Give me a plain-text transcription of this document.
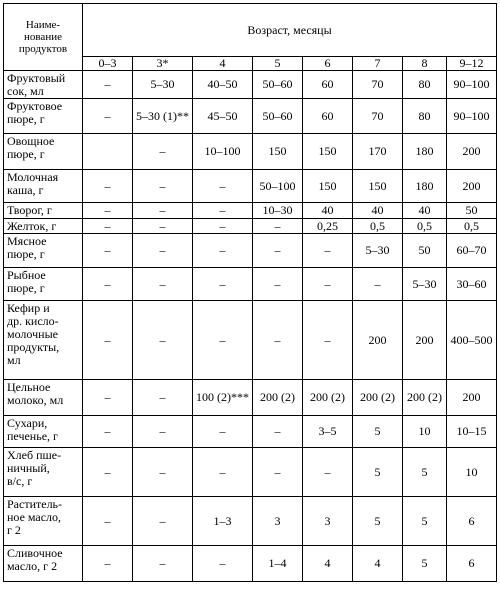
Наиме-
нование
продуктов	Возраст, месяцы							
	0–3	3*	4	5	6	7	8	9–12
Фруктовый
сок, мл	–	5–30	40–50	50–60	60	70	80	90–100
Фруктовое
пюре, г	–	5–30 (1)**	45–50	50–60	60	70	80	90–100
Овощное
пюре, г		–	10–100	150	150	170	180	200
Молочная
каша, г	–	–	–	50–100	150	150	180	200
Творог, г	–	–	–	10–30	40	40	40	50
Желток, г	–	–	–	–	0,25	0,5	0,5	0,5
Мясное
пюре, г	–	–	–	–	–	5–30	50	60–70
Рыбное
пюре, г	–	–	–	–	–	–	5–30	30–60
Кефир и
др. кисло-
молочные
продукты,
мл	–	–	–	–	–	200	200	400–500
Цельное
молоко, мл	–	–	100 (2)***	200 (2)	200 (2)	200 (2)	200 (2)	200
Сухари,
печенье, г	–	–	–	–	3–5	5	10	10–15
Хлеб пше-
ничный,
в/с, г	–	–	–	–	–	5	5	10
Раститель-
ное масло,
г 2	–	–	1–3	3	3	5	5	6
Сливочное
масло, г 2	–	–	–	1–4	4	4	5	6
